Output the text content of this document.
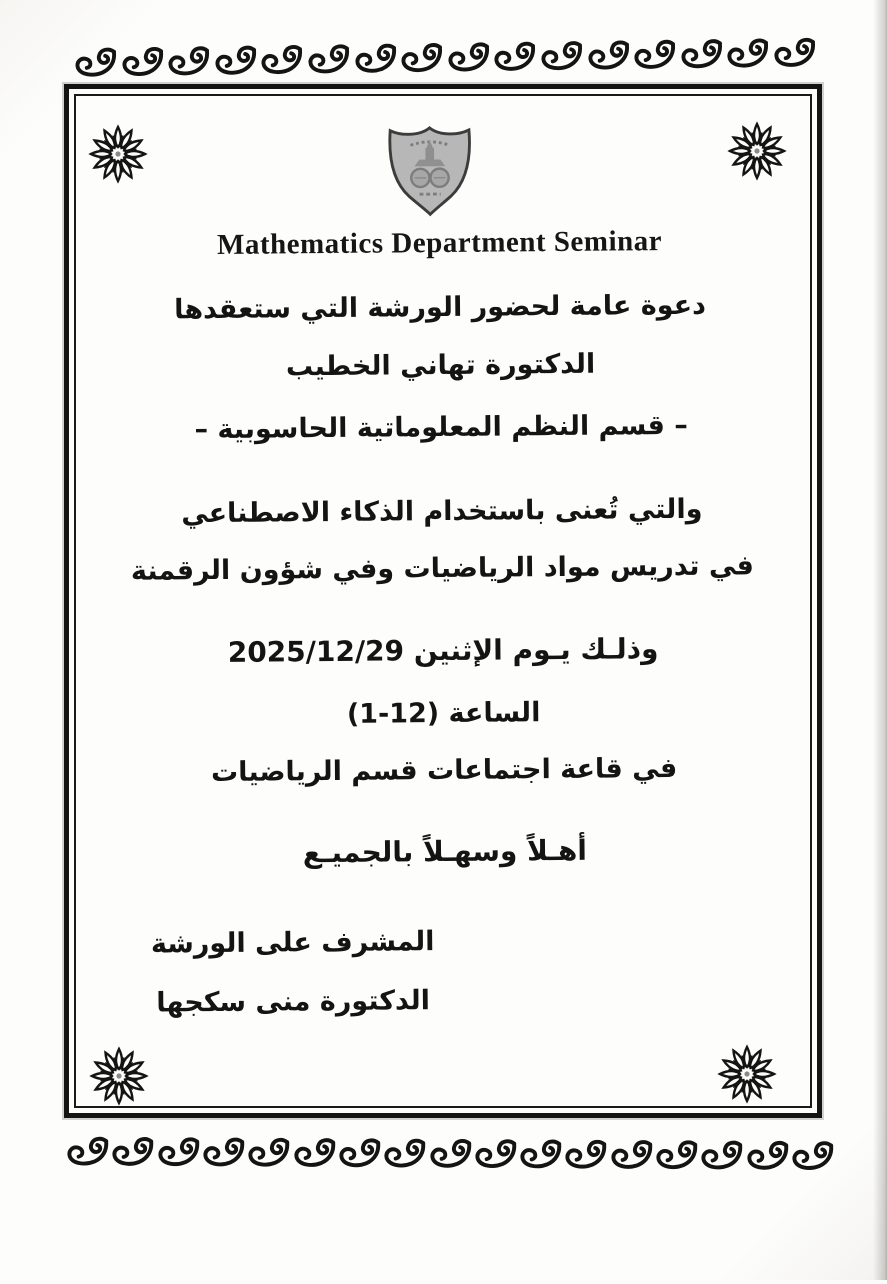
Mathematics Department Seminar
دعوة عامة لحضور الورشة التي ستعقدها
الدكتورة تهاني الخطيب
– قسم النظم المعلوماتية الحاسوبية –
والتي تُعنى باستخدام الذكاء الاصطناعي
في تدريس مواد الرياضيات وفي شؤون الرقمنة
وذلـك يـوم الإثنين 2025/12/29
الساعة (12-1)
في قاعة اجتماعات قسم الرياضيات
أهـلاً وسهـلاً بالجميـع
المشرف على الورشة
الدكتورة منى سكجها
